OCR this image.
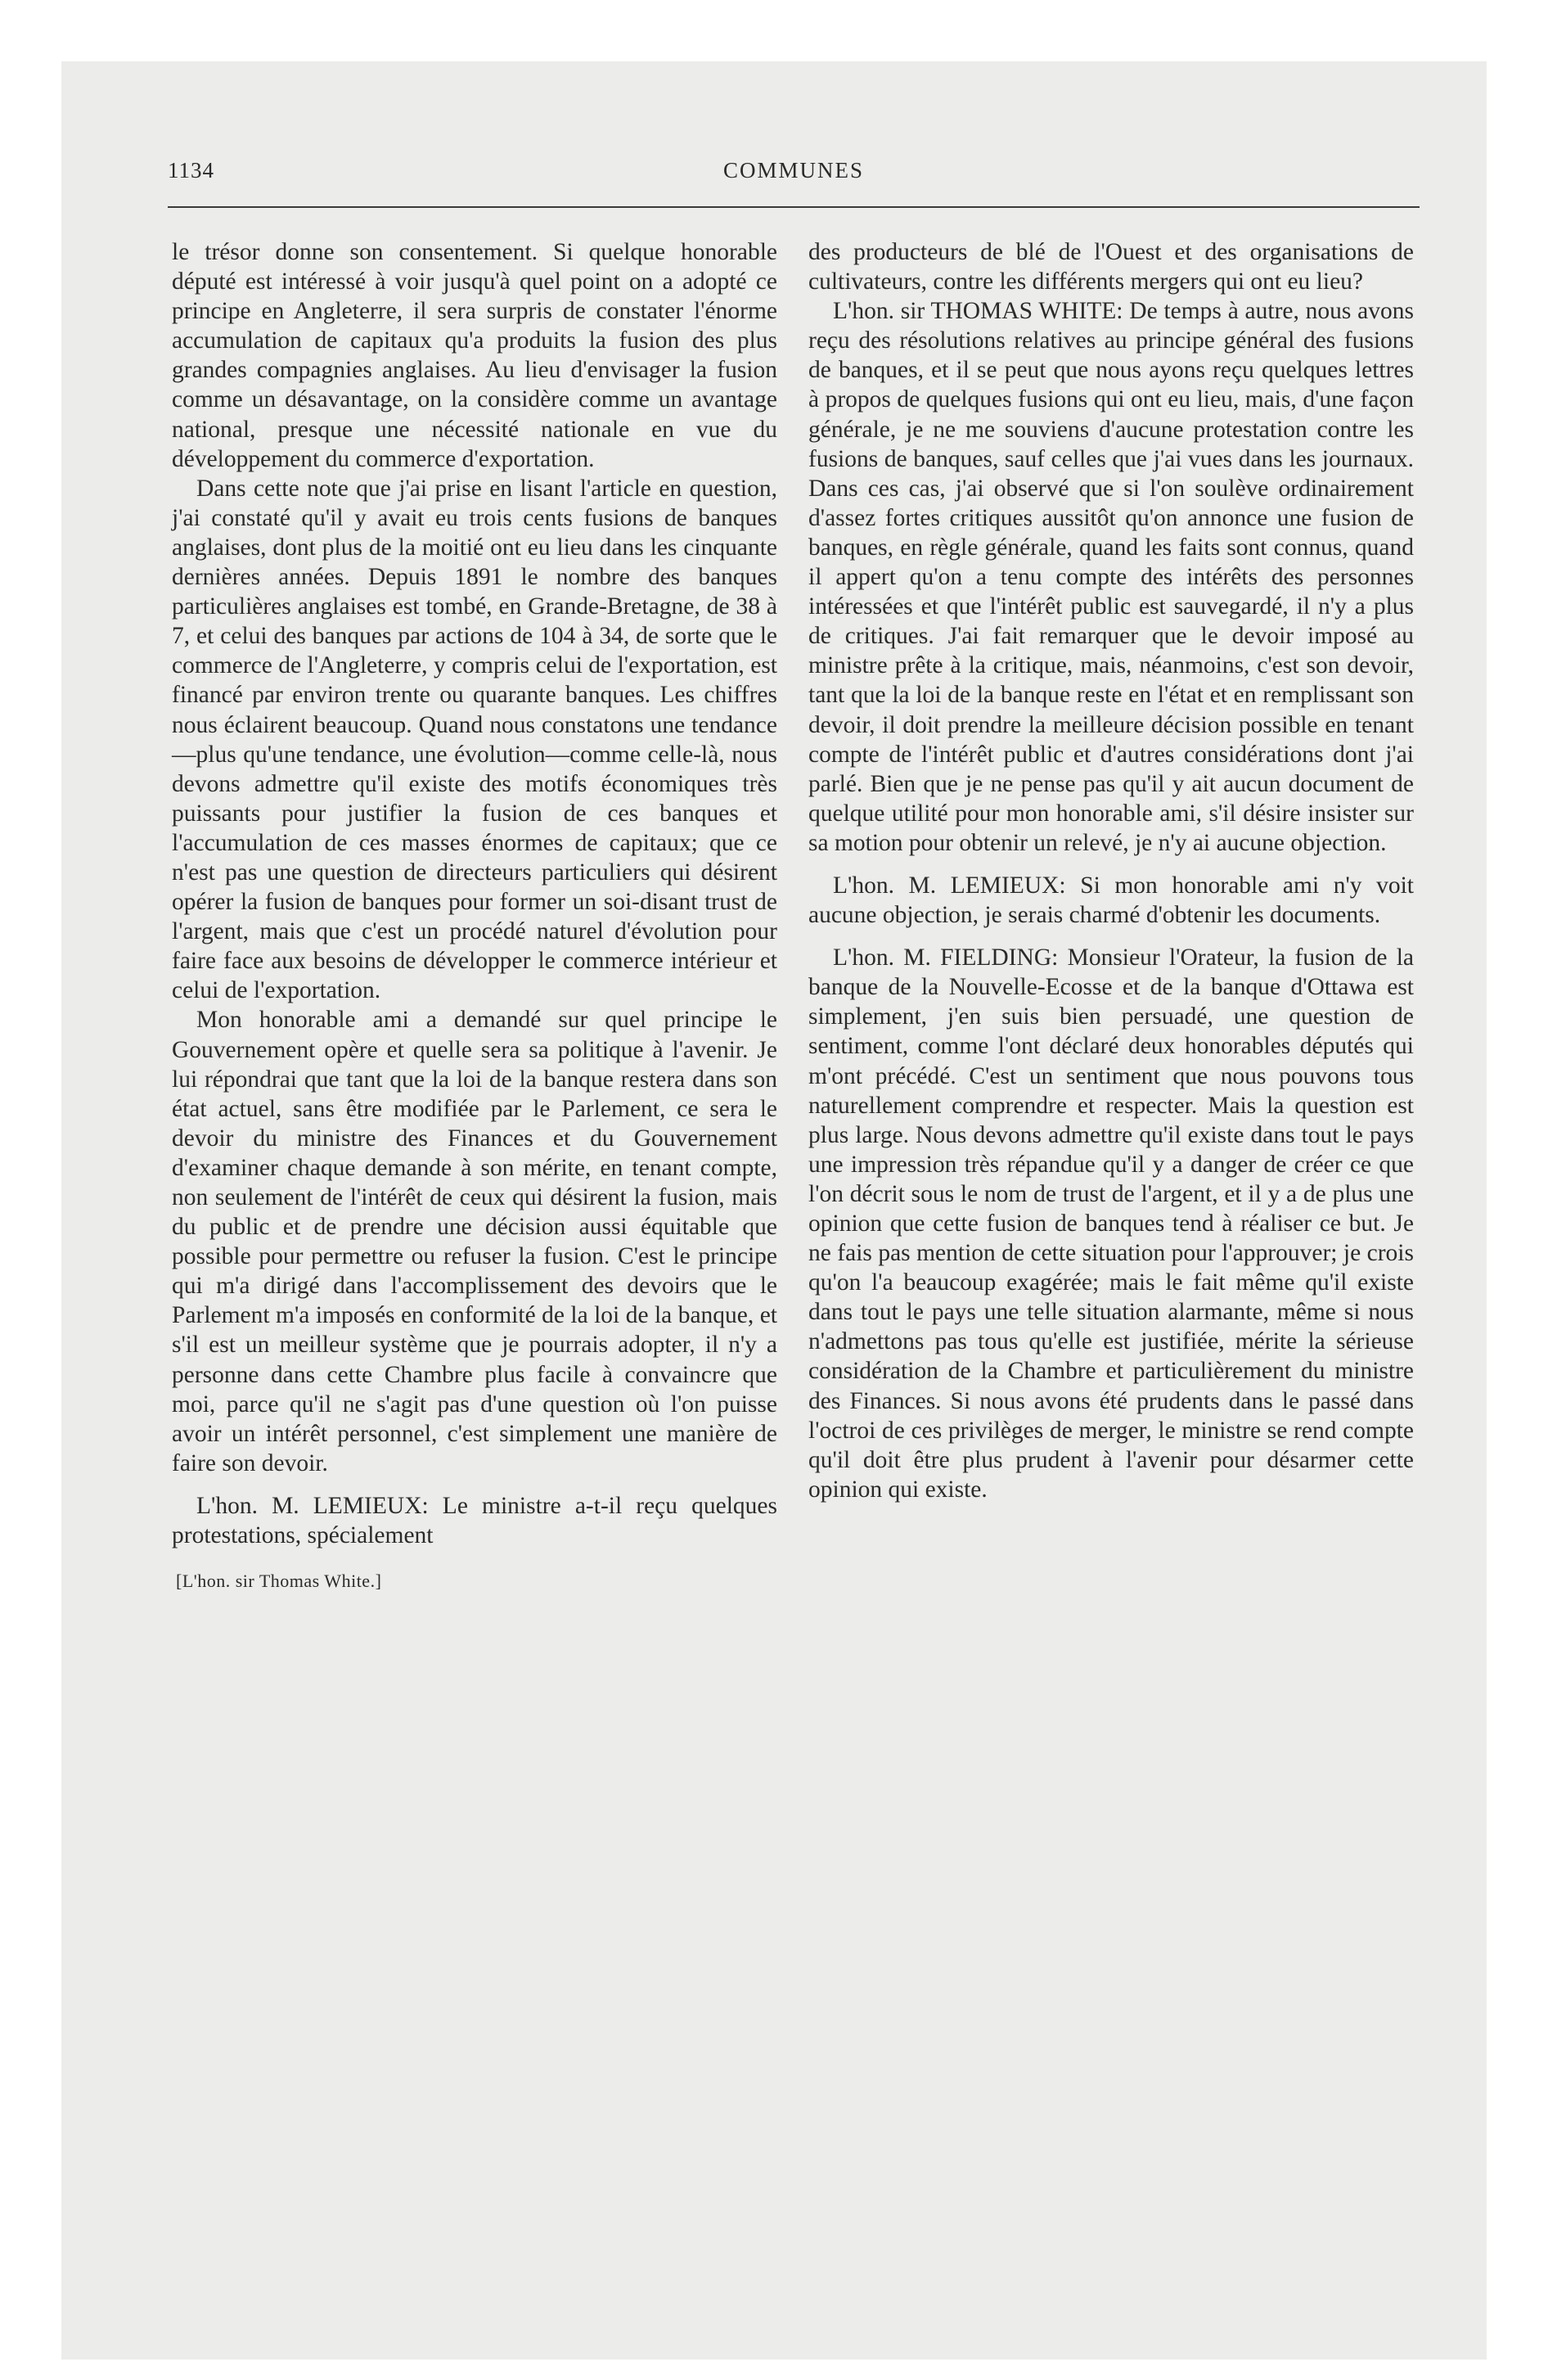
1134	COMMUNES

le trésor donne son consentement. Si quelque honorable député est intéressé à voir jusqu'à quel point on a adopté ce principe en Angleterre, il sera surpris de constater l'énorme accumulation de capitaux qu'a produits la fusion des plus grandes compagnies anglaises. Au lieu d'envisager la fusion comme un désavantage, on la considère comme un avantage national, presque une nécessité nationale en vue du développement du commerce d'exportation.

Dans cette note que j'ai prise en lisant l'article en question, j'ai constaté qu'il y avait eu trois cents fusions de banques anglaises, dont plus de la moitié ont eu lieu dans les cinquante dernières années. Depuis 1891 le nombre des banques particulières anglaises est tombé, en Grande-Bretagne, de 38 à 7, et celui des banques par actions de 104 à 34, de sorte que le commerce de l'Angleterre, y compris celui de l'exportation, est financé par environ trente ou quarante banques. Les chiffres nous éclairent beaucoup. Quand nous constatons une tendance—plus qu'une tendance, une évolution—comme celle-là, nous devons admettre qu'il existe des motifs économiques très puissants pour justifier la fusion de ces banques et l'accumulation de ces masses énormes de capitaux; que ce n'est pas une question de directeurs particuliers qui désirent opérer la fusion de banques pour former un soi-disant trust de l'argent, mais que c'est un procédé naturel d'évolution pour faire face aux besoins de développer le commerce intérieur et celui de l'exportation.

Mon honorable ami a demandé sur quel principe le Gouvernement opère et quelle sera sa politique à l'avenir. Je lui répondrai que tant que la loi de la banque restera dans son état actuel, sans être modifiée par le Parlement, ce sera le devoir du ministre des Finances et du Gouvernement d'examiner chaque demande à son mérite, en tenant compte, non seulement de l'intérêt de ceux qui désirent la fusion, mais du public et de prendre une décision aussi équitable que possible pour permettre ou refuser la fusion. C'est le principe qui m'a dirigé dans l'accomplissement des devoirs que le Parlement m'a imposés en conformité de la loi de la banque, et s'il est un meilleur système que je pourrais adopter, il n'y a personne dans cette Chambre plus facile à convaincre que moi, parce qu'il ne s'agit pas d'une question où l'on puisse avoir un intérêt personnel, c'est simplement une manière de faire son devoir.

L'hon. M. LEMIEUX: Le ministre a-t-il reçu quelques protestations, spécialement

[L'hon. sir Thomas White.]

des producteurs de blé de l'Ouest et des organisations de cultivateurs, contre les différents mergers qui ont eu lieu?

L'hon. sir THOMAS WHITE: De temps à autre, nous avons reçu des résolutions relatives au principe général des fusions de banques, et il se peut que nous ayons reçu quelques lettres à propos de quelques fusions qui ont eu lieu, mais, d'une façon générale, je ne me souviens d'aucune protestation contre les fusions de banques, sauf celles que j'ai vues dans les journaux. Dans ces cas, j'ai observé que si l'on soulève ordinairement d'assez fortes critiques aussitôt qu'on annonce une fusion de banques, en règle générale, quand les faits sont connus, quand il appert qu'on a tenu compte des intérêts des personnes intéressées et que l'intérêt public est sauvegardé, il n'y a plus de critiques. J'ai fait remarquer que le devoir imposé au ministre prête à la critique, mais, néanmoins, c'est son devoir, tant que la loi de la banque reste en l'état et en remplissant son devoir, il doit prendre la meilleure décision possible en tenant compte de l'intérêt public et d'autres considérations dont j'ai parlé. Bien que je ne pense pas qu'il y ait aucun document de quelque utilité pour mon honorable ami, s'il désire insister sur sa motion pour obtenir un relevé, je n'y ai aucune objection.

L'hon. M. LEMIEUX: Si mon honorable ami n'y voit aucune objection, je serais charmé d'obtenir les documents.

L'hon. M. FIELDING: Monsieur l'Orateur, la fusion de la banque de la Nouvelle-Ecosse et de la banque d'Ottawa est simplement, j'en suis bien persuadé, une question de sentiment, comme l'ont déclaré deux honorables députés qui m'ont précédé. C'est un sentiment que nous pouvons tous naturellement comprendre et respecter. Mais la question est plus large. Nous devons admettre qu'il existe dans tout le pays une impression très répandue qu'il y a danger de créer ce que l'on décrit sous le nom de trust de l'argent, et il y a de plus une opinion que cette fusion de banques tend à réaliser ce but. Je ne fais pas mention de cette situation pour l'approuver; je crois qu'on l'a beaucoup exagérée; mais le fait même qu'il existe dans tout le pays une telle situation alarmante, même si nous n'admettons pas tous qu'elle est justifiée, mérite la sérieuse considération de la Chambre et particulièrement du ministre des Finances. Si nous avons été prudents dans le passé dans l'octroi de ces privilèges de merger, le ministre se rend compte qu'il doit être plus prudent à l'avenir pour désarmer cette opinion qui existe.
